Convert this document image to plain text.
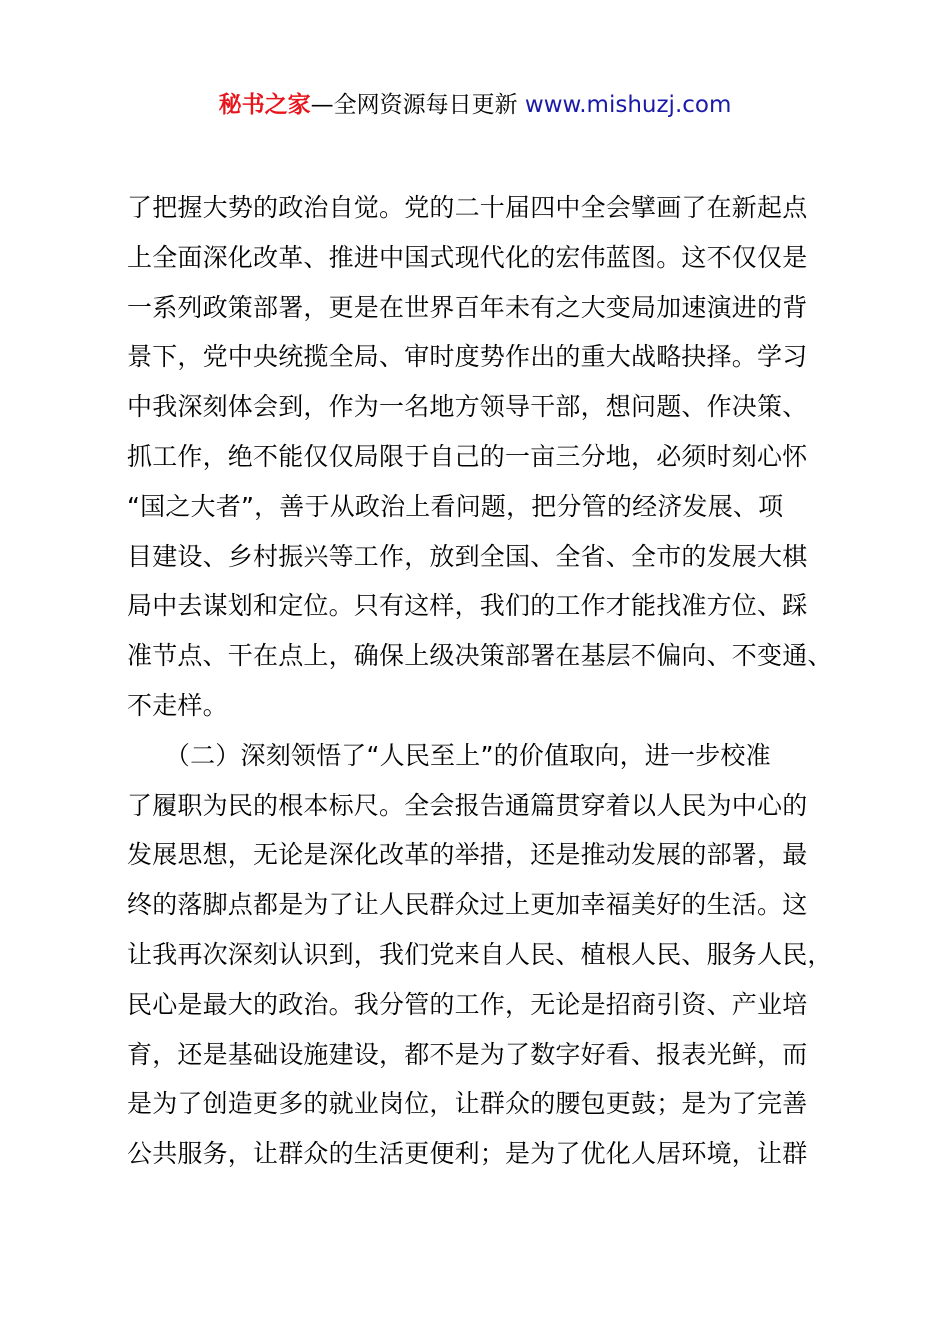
秘书之家—全网资源每日更新 www.mishuzj.com
了把握大势的政治自觉。党的二十届四中全会擘画了在新起点
上全面深化改革、推进中国式现代化的宏伟蓝图。这不仅仅是
一系列政策部署，更是在世界百年未有之大变局加速演进的背
景下，党中央统揽全局、审时度势作出的重大战略抉择。学习
中我深刻体会到，作为一名地方领导干部，想问题、作决策、
抓工作，绝不能仅仅局限于自己的一亩三分地，必须时刻心怀
“国之大者”，善于从政治上看问题，把分管的经济发展、项
目建设、乡村振兴等工作，放到全国、全省、全市的发展大棋
局中去谋划和定位。只有这样，我们的工作才能找准方位、踩
准节点、干在点上，确保上级决策部署在基层不偏向、不变通、
不走样。
　　（二）深刻领悟了“人民至上”的价值取向，进一步校准
了履职为民的根本标尺。全会报告通篇贯穿着以人民为中心的
发展思想，无论是深化改革的举措，还是推动发展的部署，最
终的落脚点都是为了让人民群众过上更加幸福美好的生活。这
让我再次深刻认识到，我们党来自人民、植根人民、服务人民，
民心是最大的政治。我分管的工作，无论是招商引资、产业培
育，还是基础设施建设，都不是为了数字好看、报表光鲜，而
是为了创造更多的就业岗位，让群众的腰包更鼓；是为了完善
公共服务，让群众的生活更便利；是为了优化人居环境，让群
